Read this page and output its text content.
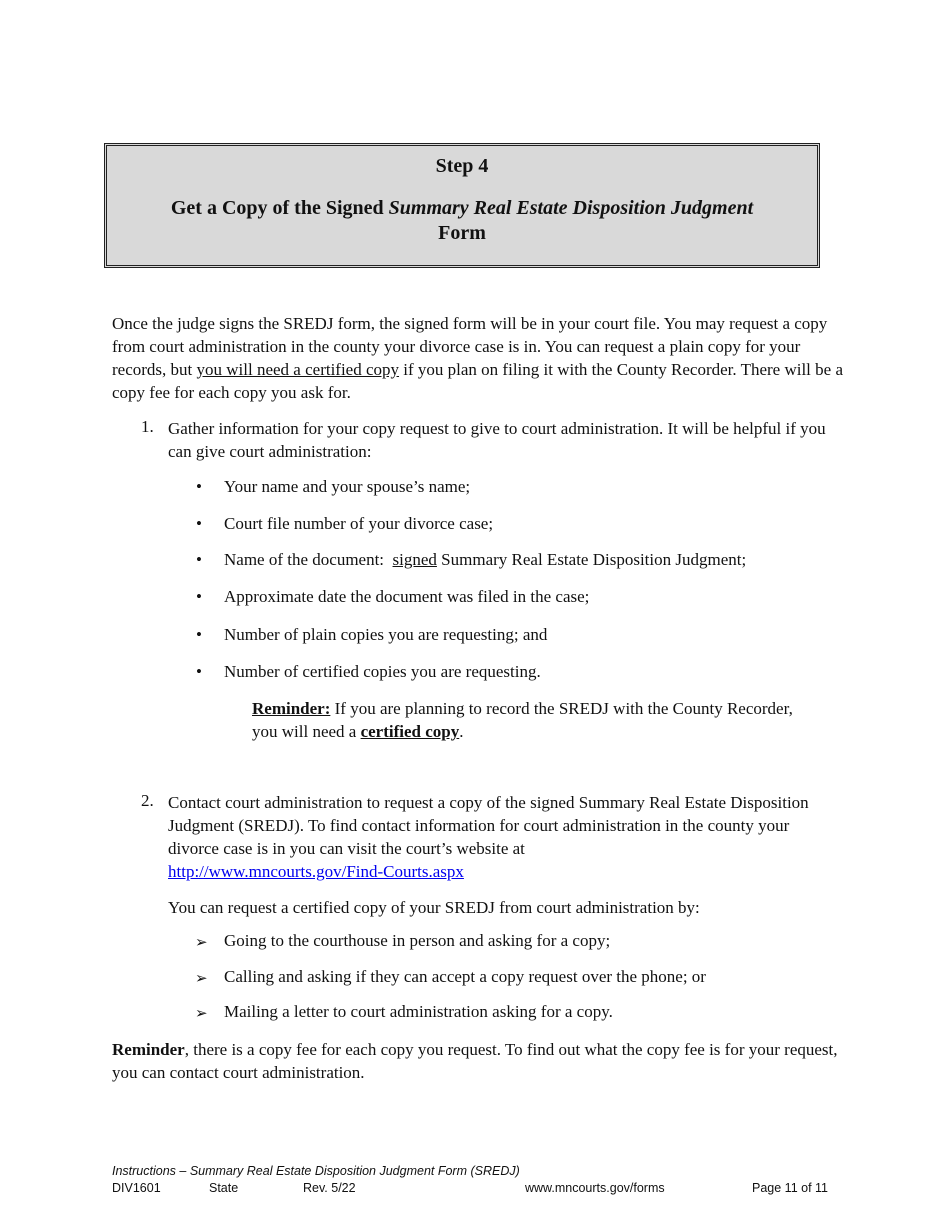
Step 4
Get a Copy of the Signed Summary Real Estate Disposition Judgment
Form

Once the judge signs the SREDJ form, the signed form will be in your court file. You may request a copy from court administration in the county your divorce case is in. You can request a plain copy for your records, but you will need a certified copy if you plan on filing it with the County Recorder. There will be a copy fee for each copy you ask for.

1. Gather information for your copy request to give to court administration. It will be helpful if you can give court administration:
• Your name and your spouse’s name;
• Court file number of your divorce case;
• Name of the document:  signed Summary Real Estate Disposition Judgment;
• Approximate date the document was filed in the case;
• Number of plain copies you are requesting; and
• Number of certified copies you are requesting.
Reminder: If you are planning to record the SREDJ with the County Recorder, you will need a certified copy.
2. Contact court administration to request a copy of the signed Summary Real Estate Disposition Judgment (SREDJ). To find contact information for court administration in the county your divorce case is in you can visit the court’s website at
http://www.mncourts.gov/Find-Courts.aspx
You can request a certified copy of your SREDJ from court administration by:
➢ Going to the courthouse in person and asking for a copy;
➢ Calling and asking if they can accept a copy request over the phone; or
➢ Mailing a letter to court administration asking for a copy.

Reminder, there is a copy fee for each copy you request. To find out what the copy fee is for your request, you can contact court administration.

Instructions – Summary Real Estate Disposition Judgment Form (SREDJ)
DIV1601	State	Rev. 5/22	www.mncourts.gov/forms	Page 11 of 11
